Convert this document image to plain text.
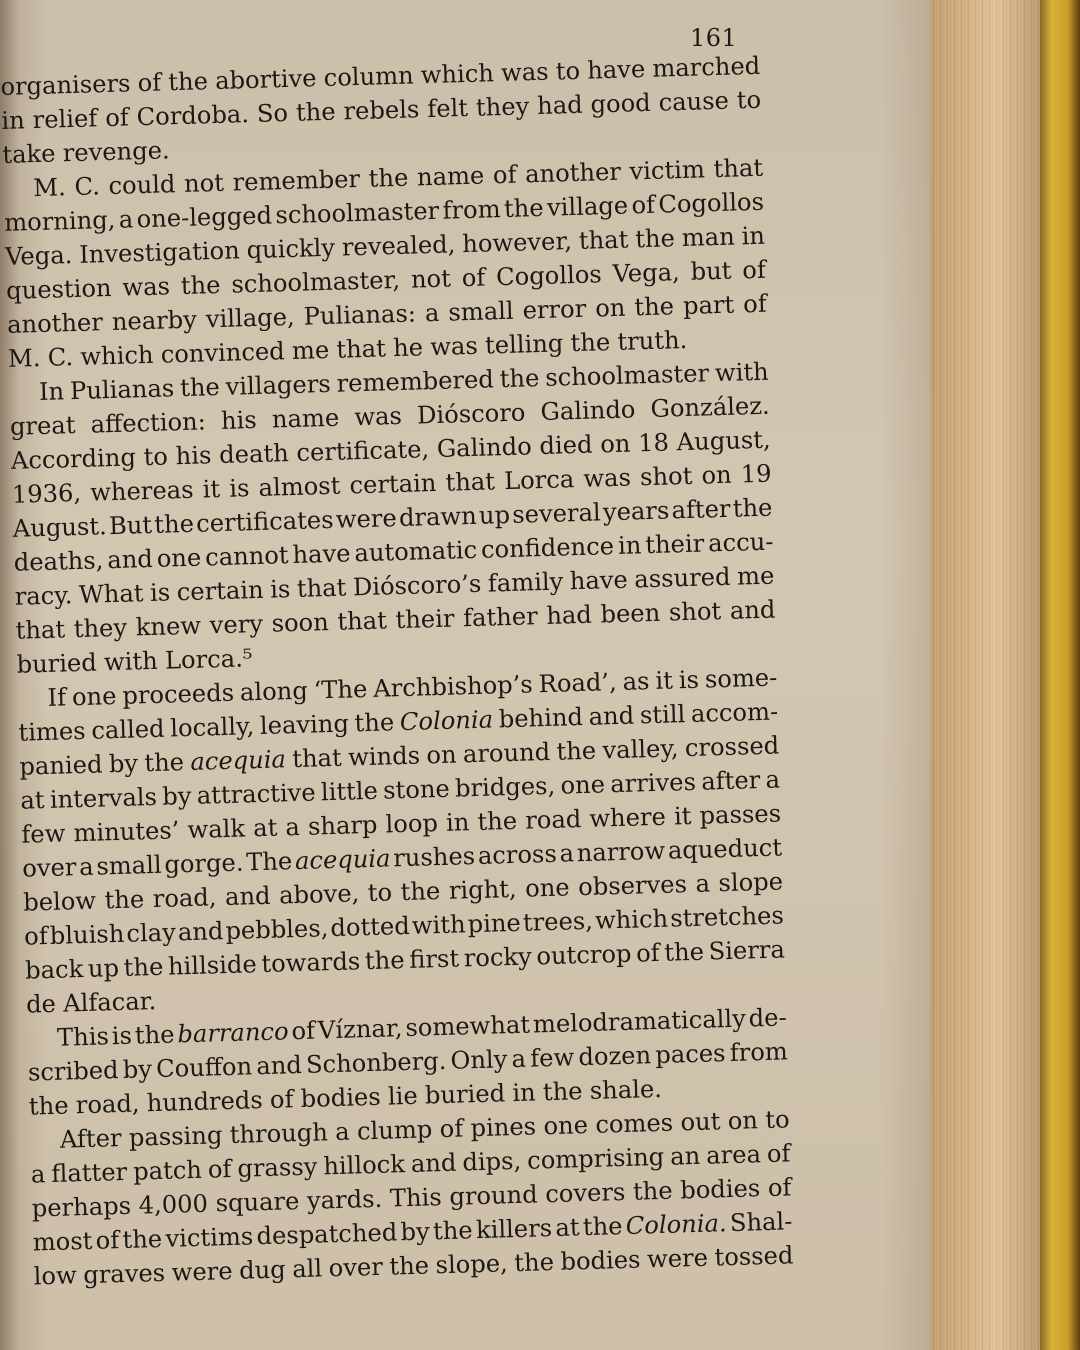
161
organisers of the abortive column which was to have marched
in relief of Cordoba. So the rebels felt they had good cause to
take revenge.
M. C. could not remember the name of another victim that
morning, a one-legged schoolmaster from the village of Cogollos
Vega. Investigation quickly revealed, however, that the man in
question was the schoolmaster, not of Cogollos Vega, but of
another nearby village, Pulianas: a small error on the part of
M. C. which convinced me that he was telling the truth.
In Pulianas the villagers remembered the schoolmaster with
great affection: his name was Dióscoro Galindo González.
According to his death certificate, Galindo died on 18 August,
1936, whereas it is almost certain that Lorca was shot on 19
August. But the certificates were drawn up several years after the
deaths, and one cannot have automatic confidence in their accu-
racy. What is certain is that Dióscoro’s family have assured me
that they knew very soon that their father had been shot and
buried with Lorca.⁵
If one proceeds along ‘The Archbishop’s Road’, as it is some-
times called locally, leaving the Colonia behind and still accom-
panied by the acequia that winds on around the valley, crossed
at intervals by attractive little stone bridges, one arrives after a
few minutes’ walk at a sharp loop in the road where it passes
over a small gorge. The acequia rushes across a narrow aqueduct
below the road, and above, to the right, one observes a slope
of bluish clay and pebbles, dotted with pine trees, which stretches
back up the hillside towards the first rocky outcrop of the Sierra
de Alfacar.
This is the barranco of Víznar, somewhat melodramatically de-
scribed by Couffon and Schonberg. Only a few dozen paces from
the road, hundreds of bodies lie buried in the shale.
After passing through a clump of pines one comes out on to
a flatter patch of grassy hillock and dips, comprising an area of
perhaps 4,000 square yards. This ground covers the bodies of
most of the victims despatched by the killers at the Colonia. Shal-
low graves were dug all over the slope, the bodies were tossed
